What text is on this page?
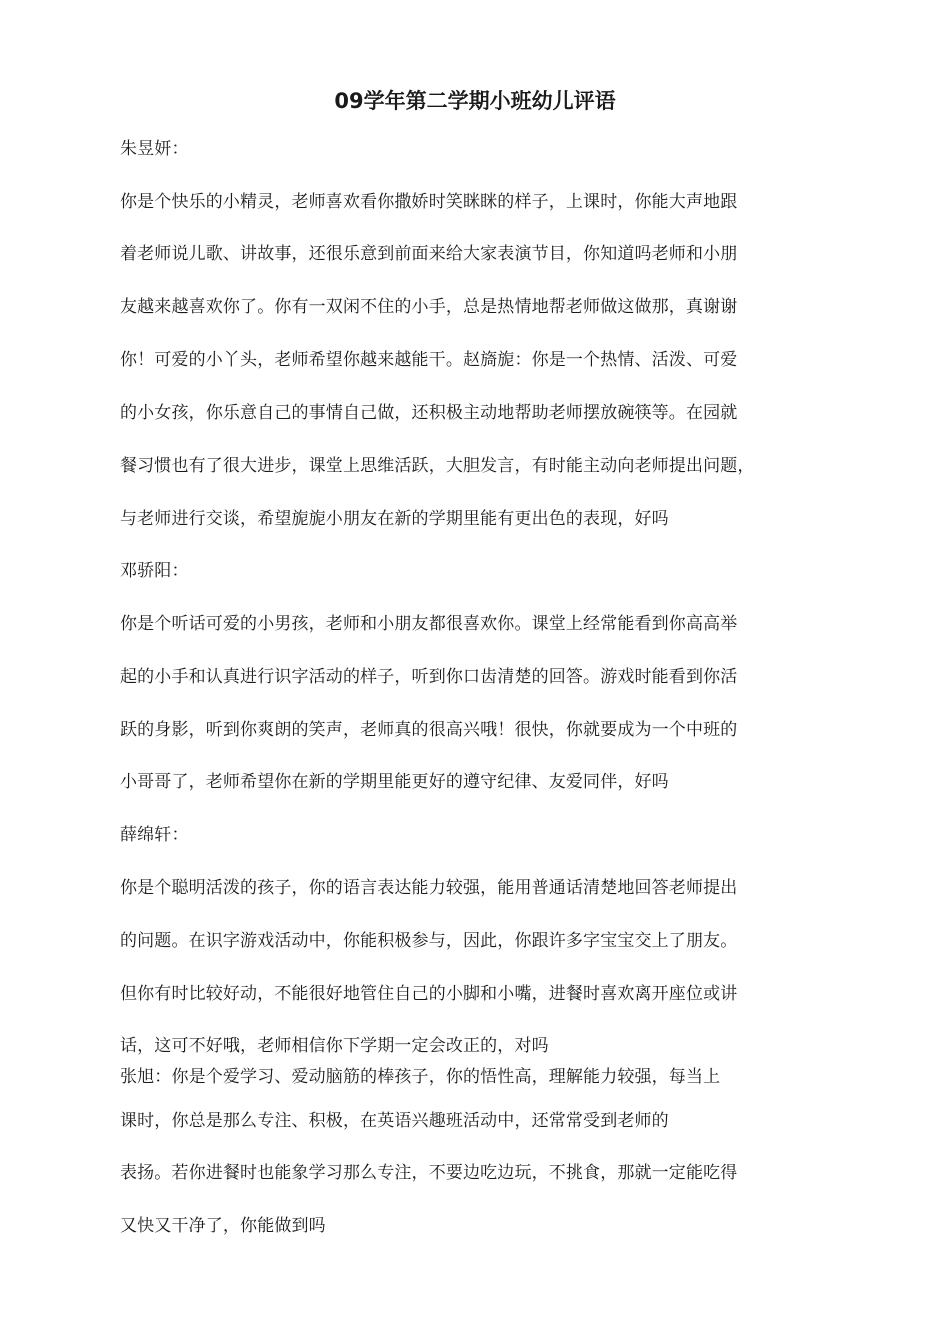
09学年第二学期小班幼儿评语
朱昱妍：
你是个快乐的小精灵，老师喜欢看你撒娇时笑眯眯的样子，上课时，你能大声地跟
着老师说儿歌、讲故事，还很乐意到前面来给大家表演节目，你知道吗老师和小朋
友越来越喜欢你了。你有一双闲不住的小手，总是热情地帮老师做这做那，真谢谢
你！可爱的小丫头，老师希望你越来越能干。赵旖旎：你是一个热情、活泼、可爱
的小女孩，你乐意自己的事情自己做，还积极主动地帮助老师摆放碗筷等。在园就
餐习惯也有了很大进步，课堂上思维活跃，大胆发言，有时能主动向老师提出问题，
与老师进行交谈，希望旎旎小朋友在新的学期里能有更出色的表现，好吗
邓骄阳：
你是个听话可爱的小男孩，老师和小朋友都很喜欢你。课堂上经常能看到你高高举
起的小手和认真进行识字活动的样子，听到你口齿清楚的回答。游戏时能看到你活
跃的身影，听到你爽朗的笑声，老师真的很高兴哦！很快，你就要成为一个中班的
小哥哥了，老师希望你在新的学期里能更好的遵守纪律、友爱同伴，好吗
薛绵轩：
你是个聪明活泼的孩子，你的语言表达能力较强，能用普通话清楚地回答老师提出
的问题。在识字游戏活动中，你能积极参与，因此，你跟许多字宝宝交上了朋友。
但你有时比较好动，不能很好地管住自己的小脚和小嘴，进餐时喜欢离开座位或讲
话，这可不好哦，老师相信你下学期一定会改正的，对吗
张旭：你是个爱学习、爱动脑筋的棒孩子，你的悟性高，理解能力较强，每当上
课时，你总是那么专注、积极，在英语兴趣班活动中，还常常受到老师的
表扬。若你进餐时也能象学习那么专注，不要边吃边玩，不挑食，那就一定能吃得
又快又干净了，你能做到吗
